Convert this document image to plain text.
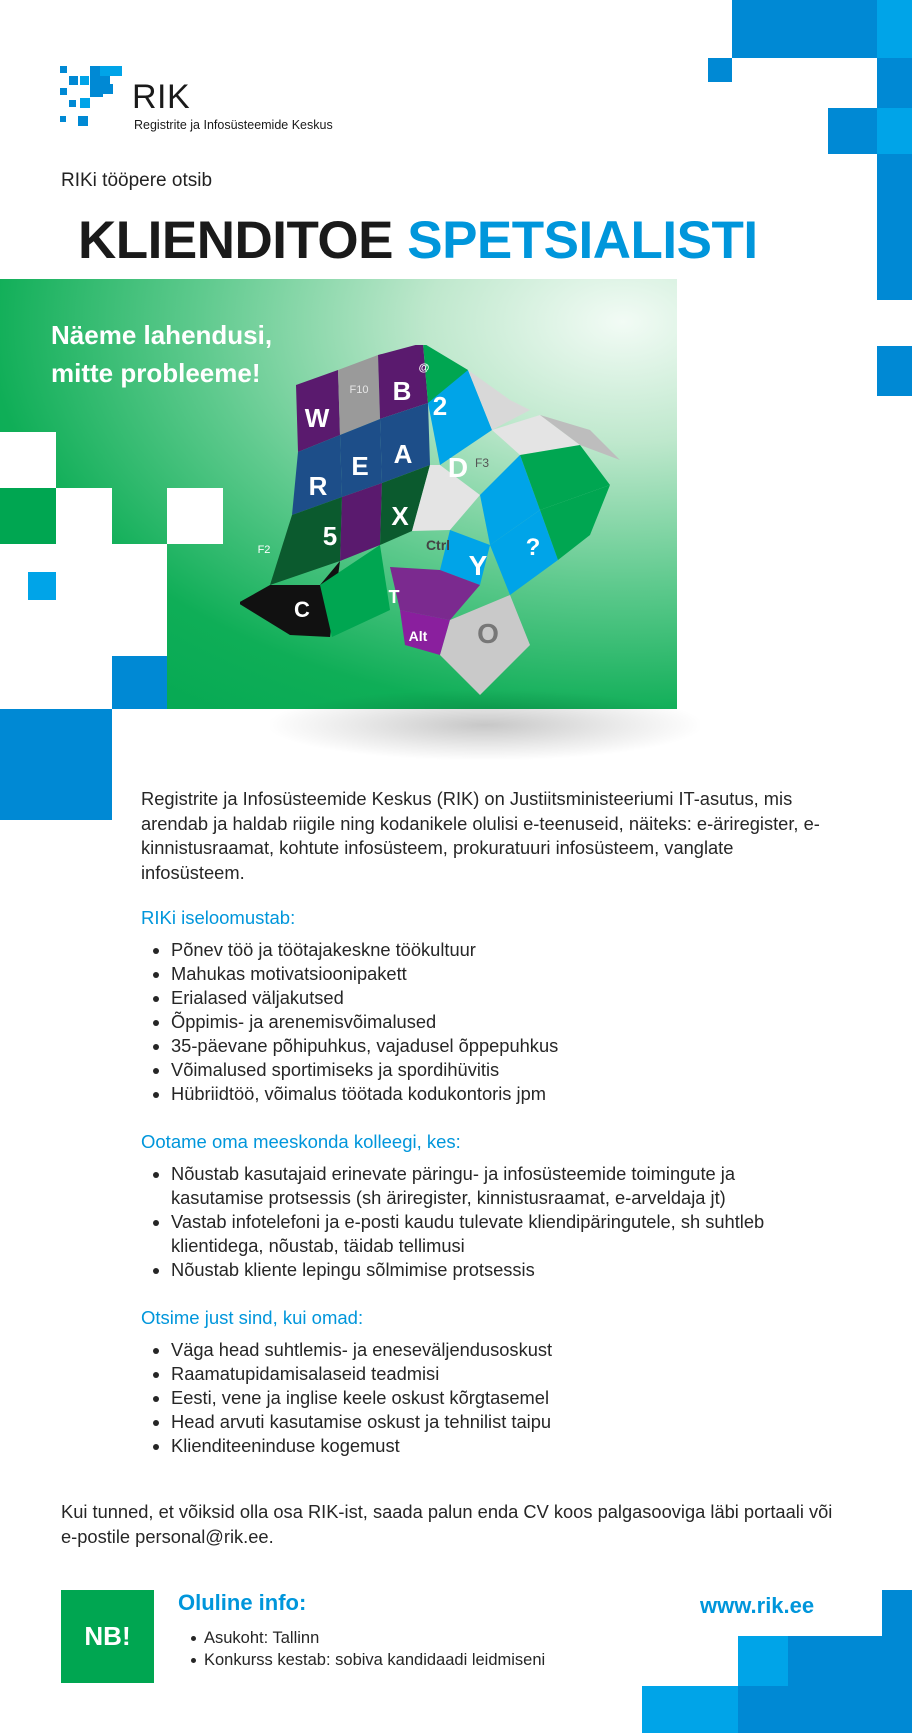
RIK
Registrite ja Infosüsteemide Keskus
RIKi tööpere otsib
KLIENDITOE SPETSIALISTI
Näeme lahendusi,
mitte probleeme!
W
F10 B
@
2
R
E A D F3
F2 5
X
Ctrl
Y
C	T
Alt
?
O
Registrite ja Infosüsteemide Keskus (RIK) on Justiitsministeeriumi IT-asutus, mis arendab ja haldab riigile ning kodanikele olulisi e-teenuseid, näiteks: e-äriregister, e-kinnistusraamat, kohtute infosüsteem, prokuratuuri infosüsteem, vanglate infosüsteem.
RIKi iseloomustab:
Põnev töö ja töötajakeskne töökultuur
Mahukas motivatsioonipakett
Erialased väljakutsed
Õppimis- ja arenemisvõimalused
35-päevane põhipuhkus, vajadusel õppepuhkus
Võimalused sportimiseks ja spordihüvitis
Hübriidtöö, võimalus töötada kodukontoris jpm
Ootame oma meeskonda kolleegi, kes:
Nõustab kasutajaid erinevate päringu- ja infosüsteemide toimingute ja kasutamise protsessis (sh äriregister, kinnistusraamat, e-arveldaja jt)
Vastab infotelefoni ja e-posti kaudu tulevate kliendipäringutele, sh suhtleb klientidega, nõustab, täidab tellimusi
Nõustab kliente lepingu sõlmimise protsessis
Otsime just sind, kui omad:
Väga head suhtlemis- ja eneseväljendusoskust
Raamatupidamisalaseid teadmisi
Eesti, vene ja inglise keele oskust kõrgtasemel
Head arvuti kasutamise oskust ja tehnilist taipu
Klienditeeninduse kogemust
Kui tunned, et võiksid olla osa RIK-ist, saada palun enda CV koos palgasooviga läbi portaali või e-postile personal@rik.ee.
NB!
Oluline info:
Asukoht: Tallinn
Konkurss kestab: sobiva kandidaadi leidmiseni
www.rik.ee
